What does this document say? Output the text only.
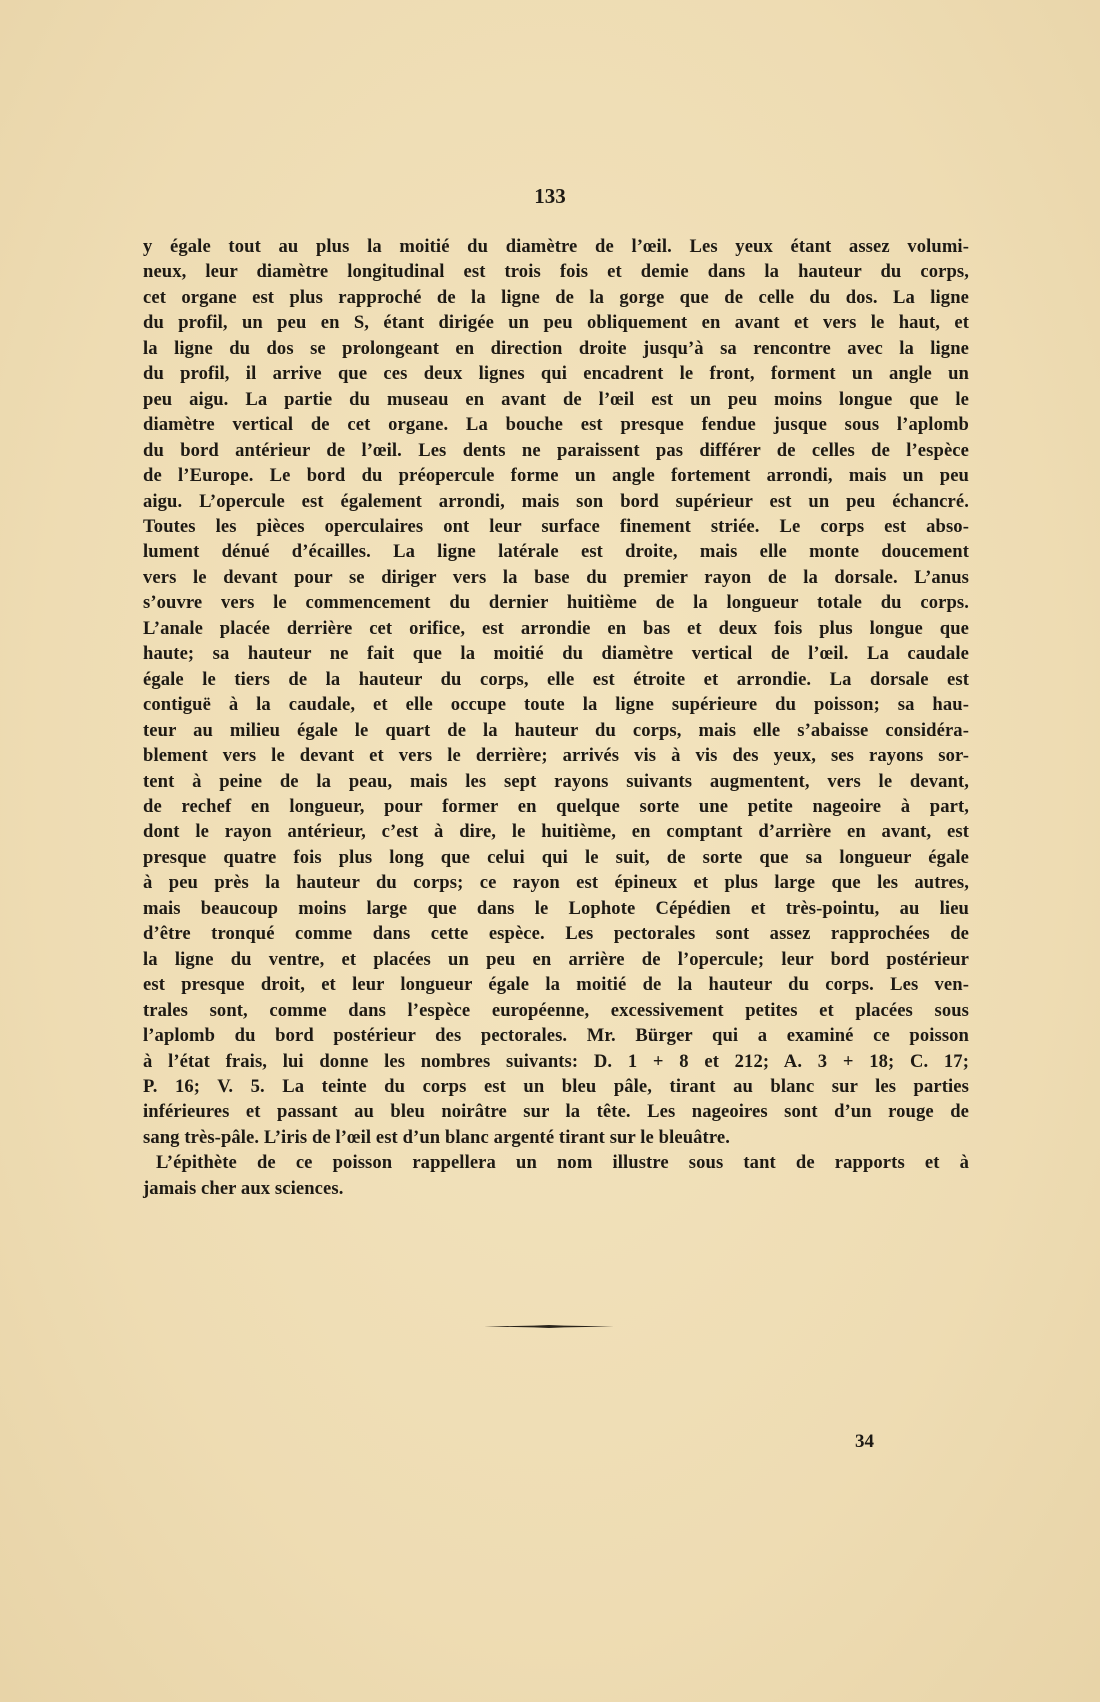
133

y égale tout au plus la moitié du diamètre de l’œil. Les yeux étant assez volumi-
neux, leur diamètre longitudinal est trois fois et demie dans la hauteur du corps,
cet organe est plus rapproché de la ligne de la gorge que de celle du dos. La ligne
du profil, un peu en S, étant dirigée un peu obliquement en avant et vers le haut, et
la ligne du dos se prolongeant en direction droite jusqu’à sa rencontre avec la ligne
du profil, il arrive que ces deux lignes qui encadrent le front, forment un angle un
peu aigu. La partie du museau en avant de l’œil est un peu moins longue que le
diamètre vertical de cet organe. La bouche est presque fendue jusque sous l’aplomb
du bord antérieur de l’œil. Les dents ne paraissent pas différer de celles de l’espèce
de l’Europe. Le bord du préopercule forme un angle fortement arrondi, mais un peu
aigu. L’opercule est également arrondi, mais son bord supérieur est un peu échancré.
Toutes les pièces operculaires ont leur surface finement striée. Le corps est abso-
lument dénué d’écailles. La ligne latérale est droite, mais elle monte doucement
vers le devant pour se diriger vers la base du premier rayon de la dorsale. L’anus
s’ouvre vers le commencement du dernier huitième de la longueur totale du corps.
L’anale placée derrière cet orifice, est arrondie en bas et deux fois plus longue que
haute; sa hauteur ne fait que la moitié du diamètre vertical de l’œil. La caudale
égale le tiers de la hauteur du corps, elle est étroite et arrondie. La dorsale est
contiguë à la caudale, et elle occupe toute la ligne supérieure du poisson; sa hau-
teur au milieu égale le quart de la hauteur du corps, mais elle s’abaisse considéra-
blement vers le devant et vers le derrière; arrivés vis à vis des yeux, ses rayons sor-
tent à peine de la peau, mais les sept rayons suivants augmentent, vers le devant,
de rechef en longueur, pour former en quelque sorte une petite nageoire à part,
dont le rayon antérieur, c’est à dire, le huitième, en comptant d’arrière en avant, est
presque quatre fois plus long que celui qui le suit, de sorte que sa longueur égale
à peu près la hauteur du corps; ce rayon est épineux et plus large que les autres,
mais beaucoup moins large que dans le Lophote Cépédien et très-pointu, au lieu
d’être tronqué comme dans cette espèce. Les pectorales sont assez rapprochées de
la ligne du ventre, et placées un peu en arrière de l’opercule; leur bord postérieur
est presque droit, et leur longueur égale la moitié de la hauteur du corps. Les ven-
trales sont, comme dans l’espèce européenne, excessivement petites et placées sous
l’aplomb du bord postérieur des pectorales. Mr. Bürger qui a examiné ce poisson
à l’état frais, lui donne les nombres suivants: D. 1 + 8 et 212; A. 3 + 18; C. 17;
P. 16; V. 5. La teinte du corps est un bleu pâle, tirant au blanc sur les parties
inférieures et passant au bleu noirâtre sur la tête. Les nageoires sont d’un rouge de
sang très-pâle. L’iris de l’œil est d’un blanc argenté tirant sur le bleuâtre.
L’épithète de ce poisson rappellera un nom illustre sous tant de rapports et à
jamais cher aux sciences.

34
